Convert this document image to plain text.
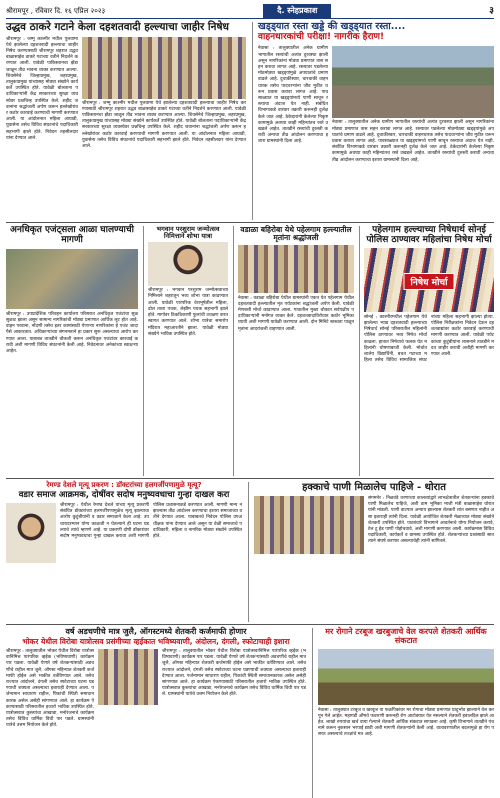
श्रीरामपूर , रविवार दि. १६ एप्रिल २०२३	दै. स्नेहप्रकाश	३
उद्धव ठाकरे गटाने केला दहशतवादी हल्ल्याचा जाहीर निषेध
श्रीरामपूर : जम्मू काश्मीर मधील पुलवामा येथे झालेल्या दहशतवादी हल्ल्याचा जाहीर निषेध करण्यासाठी श्रीरामपूर शहरात उद्धव बाळासाहेब ठाकरे गटाच्या वतीने निदर्शने करण्यात आली. यावेळी पाकिस्तानचा झेंडा जाळून तीव्र भावना व्यक्त करण्यात आल्या. शिवसेनेचे जिल्हाप्रमुख, शहरप्रमुख, तालुकाप्रमुख यांच्यासह मोठ्या संख्येने कार्यकर्ते उपस्थित होते. यावेळी बोलताना पदाधिकाऱ्यांनी केंद्र सरकारच्या सुरक्षा व्यवस्थेवर प्रश्नचिन्ह उपस्थित केले. शहीद जवानांना श्रद्धांजली अर्पण करून हल्लेखोरांवर कठोर कारवाई करण्याची मागणी करण्यात आली. या आंदोलनात महिला आघाडी, युवासेना तसेच विविध संघटनांचे पदाधिकारी सहभागी झाले होते. निवेदन तहसीलदार यांना देण्यात आले.
श्रीरामपूर : जम्मू काश्मीर मधील पुलवामा येथे झालेल्या दहशतवादी हल्ल्याचा जाहीर निषेध करण्यासाठी श्रीरामपूर शहरात उद्धव बाळासाहेब ठाकरे गटाच्या वतीने निदर्शने करण्यात आली. यावेळी पाकिस्तानचा झेंडा जाळून तीव्र भावना व्यक्त करण्यात आल्या. शिवसेनेचे जिल्हाप्रमुख, शहरप्रमुख, तालुकाप्रमुख यांच्यासह मोठ्या संख्येने कार्यकर्ते उपस्थित होते. यावेळी बोलताना पदाधिकाऱ्यांनी केंद्र सरकारच्या सुरक्षा व्यवस्थेवर प्रश्नचिन्ह उपस्थित केले. शहीद जवानांना श्रद्धांजली अर्पण करून हल्लेखोरांवर कठोर कारवाई करण्याची मागणी करण्यात आली. या आंदोलनात महिला आघाडी, युवासेना तसेच विविध संघटनांचे पदाधिकारी सहभागी झाले होते. निवेदन तहसीलदार यांना देण्यात आले.
खड्ड्यात रस्ता खड्डे की खड्ड्यात रस्ता....
वाहनधारकांची परीक्षा! नागरीक हैराण!
नेवासा : तालुक्यातील अनेक ग्रामीण भागातील रस्त्यांची अत्यंत दुरवस्था झाली असून नागरिकांना मोठ्या प्रमाणात त्रास सहन करावा लागत आहे. रस्त्यावर पडलेल्या मोठमोठ्या खड्ड्यांमुळे अपघातांचे प्रमाण वाढले आहे. दुचाकीस्वार, चारचाकी वाहनधारक तसेच पादचाऱ्यांना जीव मुठीत धरून प्रवास करावा लागत आहे. पावसाळ्यात या खड्ड्यांमध्ये पाणी साचून रस्त्याचा अंदाज येत नाही. संबंधित विभागाकडे वारंवार तक्रारी करूनही दुर्लक्ष केले जात आहे. ठेकेदारांनी केलेल्या निकृष्ट कामामुळे अवघ्या काही महिन्यांतच रस्ते उखडले आहेत. तातडीने रस्त्यांची दुरुस्ती करावी अन्यथा तीव्र आंदोलन करण्याचा इशारा ग्रामस्थांनी दिला आहे.
नेवासा : तालुक्यातील अनेक ग्रामीण भागातील रस्त्यांची अत्यंत दुरवस्था झाली असून नागरिकांना मोठ्या प्रमाणात त्रास सहन करावा लागत आहे. रस्त्यावर पडलेल्या मोठमोठ्या खड्ड्यांमुळे अपघातांचे प्रमाण वाढले आहे. दुचाकीस्वार, चारचाकी वाहनधारक तसेच पादचाऱ्यांना जीव मुठीत धरून प्रवास करावा लागत आहे. पावसाळ्यात या खड्ड्यांमध्ये पाणी साचून रस्त्याचा अंदाज येत नाही. संबंधित विभागाकडे वारंवार तक्रारी करूनही दुर्लक्ष केले जात आहे. ठेकेदारांनी केलेल्या निकृष्ट कामामुळे अवघ्या काही महिन्यांतच रस्ते उखडले आहेत. तातडीने रस्त्यांची दुरुस्ती करावी अन्यथा तीव्र आंदोलन करण्याचा इशारा ग्रामस्थांनी दिला आहे.
अनधिकृत एजंट्सला आळा घालण्याची मागणी
श्रीरामपूर : उपप्रादेशिक परिवहन कार्यालय परिसरात अनधिकृत एजंटांचा सुळसुळाट झाला असून सामान्य नागरिकांची मोठ्या प्रमाणात आर्थिक लूट होत आहे. वाहन परवाना, नोंदणी तसेच इतर कामांसाठी येणाऱ्या नागरिकांना हे एजंट जादा पैसे आकारतात. अधिकाऱ्यांच्या संगनमताने हा प्रकार सुरू असल्याचा आरोप करण्यात आला. याबाबत तातडीने चौकशी करून अनधिकृत एजंटांवर कारवाई करावी अशी मागणी विविध संघटनांनी केली आहे. निवेदनावर अनेकांच्या स्वाक्षऱ्या आहेत.
भगवान परशुराम जन्मोत्सव निमित्ताने शोभा यात्रा
श्रीरामपूर : भगवान परशुराम जन्मोत्सवाच्या निमित्ताने शहरातून भव्य शोभा यात्रा काढण्यात आली. यावेळी पारंपरिक वेशभूषेतील महिला, ढोल ताशा पथक, लेझीम पथक सहभागी झाले होते. मार्गावर ठिकठिकाणी फुलांची उधळण करत स्वागत करण्यात आले. शोभा यात्रेचा समारोप मंदिरात महाआरतीने झाला. यावेळी मोठ्या संख्येने भाविक उपस्थित होते.
वडाळा बहिरोबा येथे पहेलगाम हल्ल्यातील मृतांना श्रद्धांजली
नेवासा : वडाळा बहिरोबा येथील ग्रामस्थांनी एकत्र येत पहेलगाम येथील दहशतवादी हल्ल्यातील मृत पर्यटकांना श्रद्धांजली अर्पण केली. यावेळी मेणबत्ती मोर्चा काढण्यात आला. गावातील मुख्य चौकात सर्वपक्षीय पदाधिकाऱ्यांनी मनोगत व्यक्त केले. दहशतवादाविरोधात कठोर भूमिका घ्यावी अशी मागणी यावेळी करण्यात आली. दोन मिनिटे स्तब्धता पाळून मृतांना आदरांजली वाहण्यात आली.
पहेलगाम हल्ल्याच्या निषेधार्थ सोनई पोलिस ठाण्यावर महिलांचा निषेध मोर्चा
निषेध मोर्चा
सोनई : काश्मीरमधील पहेलगाम येथे झालेल्या भ्याड दहशतवादी हल्ल्याच्या निषेधार्थ सोनई परिसरातील महिलांनी पोलिस ठाण्यावर भव्य निषेध मोर्चा काढला. हातात निषेधाचे फलक घेत महिलांनी घोषणाबाजी केली. मोर्चात शालेय विद्यार्थिनी, बचत गटाच्या महिला तसेच विविध सामाजिक संघटनांच्या महिला सहभागी झाल्या होत्या. पोलिस निरीक्षकांना निवेदन देऊन दहशतवाद्यांवर कठोर कारवाई करण्याची मागणी करण्यात आली. यावेळी पर्यटकांच्या कुटुंबीयांना शासनाने तातडीने मदत जाहीर करावी अशीही मागणी करण्यात आली.
रेमण्ड देशले मृत्यू प्रकरण : डॉक्टरांच्या हलगर्जीपणामुळे मृत्यू?
वडार समाज आक्रमक, दोषींवर सदोष मनुष्यवधाचा गुन्हा दाखल करा
श्रीरामपूर : येथील रेमण्ड देशले यांच्या मृत्यू प्रकरणी संबंधित डॉक्टरांच्या हलगर्जीपणामुळेच मृत्यू झाल्याचा आरोप कुटुंबीयांनी व वडार समाजाने केला आहे. उपचारादरम्यान योग्य काळजी न घेतल्याने ही घटना घडल्याचे त्यांचे म्हणणे आहे. या प्रकरणी दोषी डॉक्टरांवर सदोष मनुष्यवधाचा गुन्हा दाखल करावा अशी मागणी पोलिस प्रशासनाकडे करण्यात आली. मागणी मान्य न झाल्यास तीव्र आंदोलन करण्याचा इशारा समाजाच्या वतीने देण्यात आला. याबाबतचे निवेदन पोलिस उपअधीक्षक यांना देण्यात आले असून या वेळी समाजाचे पदाधिकारी, महिला व नागरिक मोठ्या संख्येने उपस्थित होते.
हक्काचे पाणी मिळालेच पाहिजे - थोरात
संगमनेर : निळवंडे धरणाच्या कालव्यांद्वारे लाभक्षेत्रातील शेतकऱ्यांना हक्काचे पाणी मिळालेच पाहिजे, अशी ठाम भूमिका माजी मंत्री बाळासाहेब थोरात यांनी मांडली. पाणी वाटपात अन्याय झाल्यास शेतकरी शांत बसणार नाहीत असा इशाराही त्यांनी दिला. यावेळी आयोजित शेतकरी मेळाव्यात मोठ्या संख्येने शेतकरी उपस्थित होते. पाटबंधारे विभागाने आवर्तनाचे योग्य नियोजन करावे, टेल टू हेड पाणी पोहोचवावे, अशी मागणी करण्यात आली. कार्यक्रमास विविध पदाधिकारी, कार्यकर्ते व ग्रामस्थ उपस्थित होते. शेतकऱ्यांच्या प्रश्नांसाठी सातत्याने संघर्ष करणार असल्याचेही त्यांनी सांगितले.
वर्ष अडचणीचे मात्र जुलै, ऑगस्टमध्ये शेतकरी कर्जमाफी होणार
भोकर येथील विरोबा यात्रोत्सव प्रसंगीच्या व्हईकात भविष्यवाणी, अंदोलन, दंगली, स्फोटाचाही इशारा
श्रीरामपूर : तालुक्यातील भोकर येथील विरोबा यात्रोत्सवानिमित्त पारंपरिक व्हईक (भविष्यवाणी) कार्यक्रम पार पडला. यावेळी येणारे वर्ष शेतकऱ्यांसाठी अडचणीचे राहील मात्र जुलै, ऑगस्ट महिन्यात शेतकरी कर्जमाफी होईल असे भाकीत वर्तविण्यात आले. तसेच राज्यात आंदोलने, दंगली तसेच स्फोटाच्या घटना घडण्याची शक्यता असल्याचा इशाराही देण्यात आला. पर्जन्यमान साधारण राहील, पिकांची स्थिती समाधानकारक असेल असेही सांगण्यात आले. हा कार्यक्रम ऐकण्यासाठी परिसरातील हजारो भाविक उपस्थित होते. यात्रोत्सवात कुस्त्यांचा आखाडा, मनोरंजनाचे कार्यक्रम तसेच विविध धार्मिक विधी पार पडले. ग्रामस्थांनी यात्रेचे उत्तम नियोजन केले होते.
श्रीरामपूर : तालुक्यातील भोकर येथील विरोबा यात्रोत्सवानिमित्त पारंपरिक व्हईक (भविष्यवाणी) कार्यक्रम पार पडला. यावेळी येणारे वर्ष शेतकऱ्यांसाठी अडचणीचे राहील मात्र जुलै, ऑगस्ट महिन्यात शेतकरी कर्जमाफी होईल असे भाकीत वर्तविण्यात आले. तसेच राज्यात आंदोलने, दंगली तसेच स्फोटाच्या घटना घडण्याची शक्यता असल्याचा इशाराही देण्यात आला. पर्जन्यमान साधारण राहील, पिकांची स्थिती समाधानकारक असेल असेही सांगण्यात आले. हा कार्यक्रम ऐकण्यासाठी परिसरातील हजारो भाविक उपस्थित होते. यात्रोत्सवात कुस्त्यांचा आखाडा, मनोरंजनाचे कार्यक्रम तसेच विविध धार्मिक विधी पार पडले. ग्रामस्थांनी यात्रेचे उत्तम नियोजन केले होते.
मर रोगाने टरबूज खरबुजाचे वेल करपले शेतकरी आर्थिक संकटात
नेवासा : तालुक्यात टरबूज व खरबूज या फळपिकांवर मर रोगाचा मोठ्या प्रमाणात प्रादुर्भाव झाल्याने वेल करपून गेले आहेत. महागडी औषधे फवारणी करूनही रोग आटोक्यात येत नसल्याने शेतकरी हवालदिल झाले आहेत. लाखो रुपयांचा खर्च वाया गेल्याने शेतकरी आर्थिक संकटात सापडला आहे. कृषी विभागाने तातडीने पंचनामे करून नुकसान भरपाई द्यावी अशी मागणी शेतकऱ्यांनी केली आहे. वातावरणातील बदलामुळे हा रोग पसरत असल्याचे तज्ज्ञांचे मत आहे.
